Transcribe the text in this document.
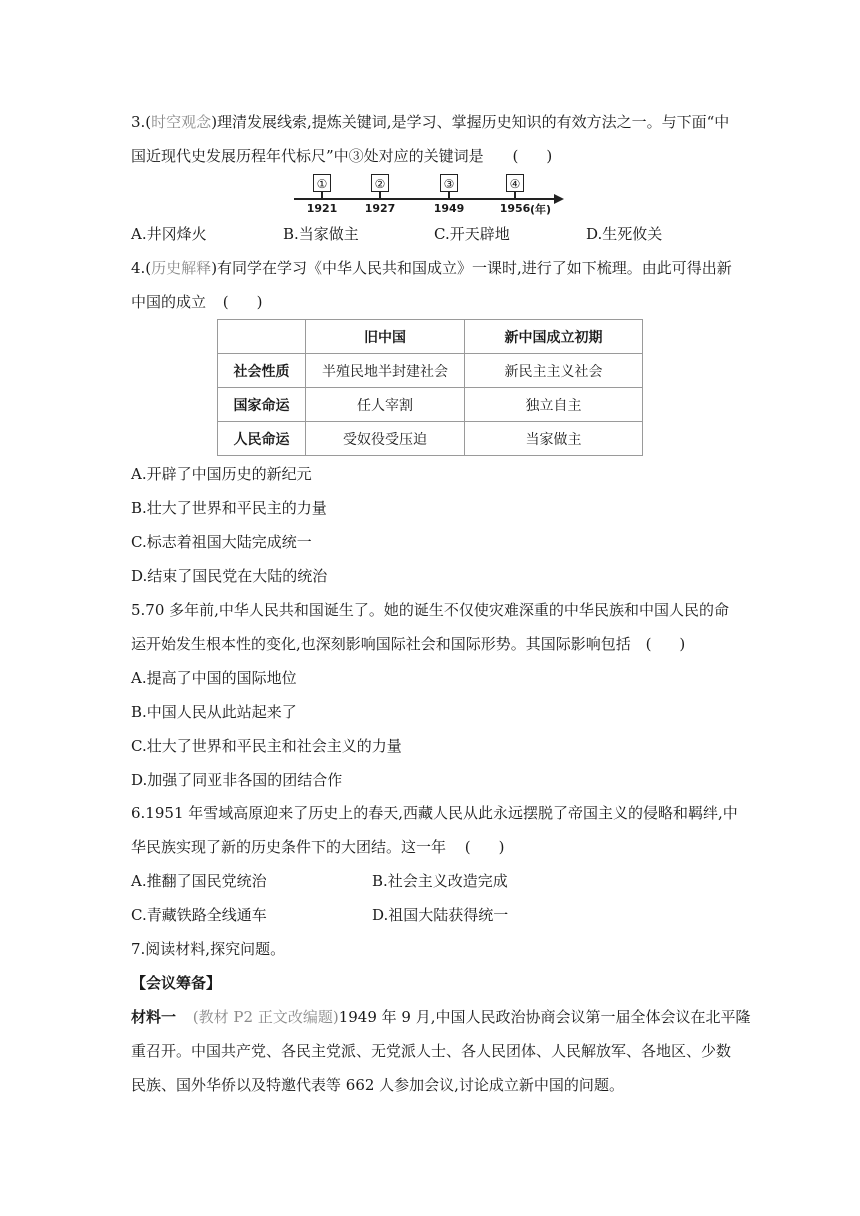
3.(时空观念)理清发展线索,提炼关键词,是学习、掌握历史知识的有效方法之一。与下面“中
国近现代史发展历程年代标尺”中③处对应的关键词是 ( )
①
1921
②
1927
③
1949
④
1956 (年)
A.井冈烽火	B.当家做主	C.开天辟地	D.生死攸关
4.(历史解释)有同学在学习《中华人民共和国成立》一课时,进行了如下梳理。由此可得出新
中国的成立 ( )
	旧中国	新中国成立初期
社会性质	半殖民地半封建社会	新民主主义社会
国家命运	任人宰割	独立自主
人民命运	受奴役受压迫	当家做主
A.开辟了中国历史的新纪元
B.壮大了世界和平民主的力量
C.标志着祖国大陆完成统一
D.结束了国民党在大陆的统治
5.70 多年前,中华人民共和国诞生了。她的诞生不仅使灾难深重的中华民族和中国人民的命
运开始发生根本性的变化,也深刻影响国际社会和国际形势。其国际影响包括 ( )
A.提高了中国的国际地位
B.中国人民从此站起来了
C.壮大了世界和平民主和社会主义的力量
D.加强了同亚非各国的团结合作
6.1951 年雪域高原迎来了历史上的春天,西藏人民从此永远摆脱了帝国主义的侵略和羁绊,中
华民族实现了新的历史条件下的大团结。这一年 ( )
A.推翻了国民党统治	B.社会主义改造完成
C.青藏铁路全线通车	D.祖国大陆获得统一
7.阅读材料,探究问题。
【会议筹备】
材料一 (教材 P2 正文改编题)1949 年 9 月,中国人民政治协商会议第一届全体会议在北平隆
重召开。中国共产党、各民主党派、无党派人士、各人民团体、人民解放军、各地区、少数
民族、国外华侨以及特邀代表等 662 人参加会议,讨论成立新中国的问题。
